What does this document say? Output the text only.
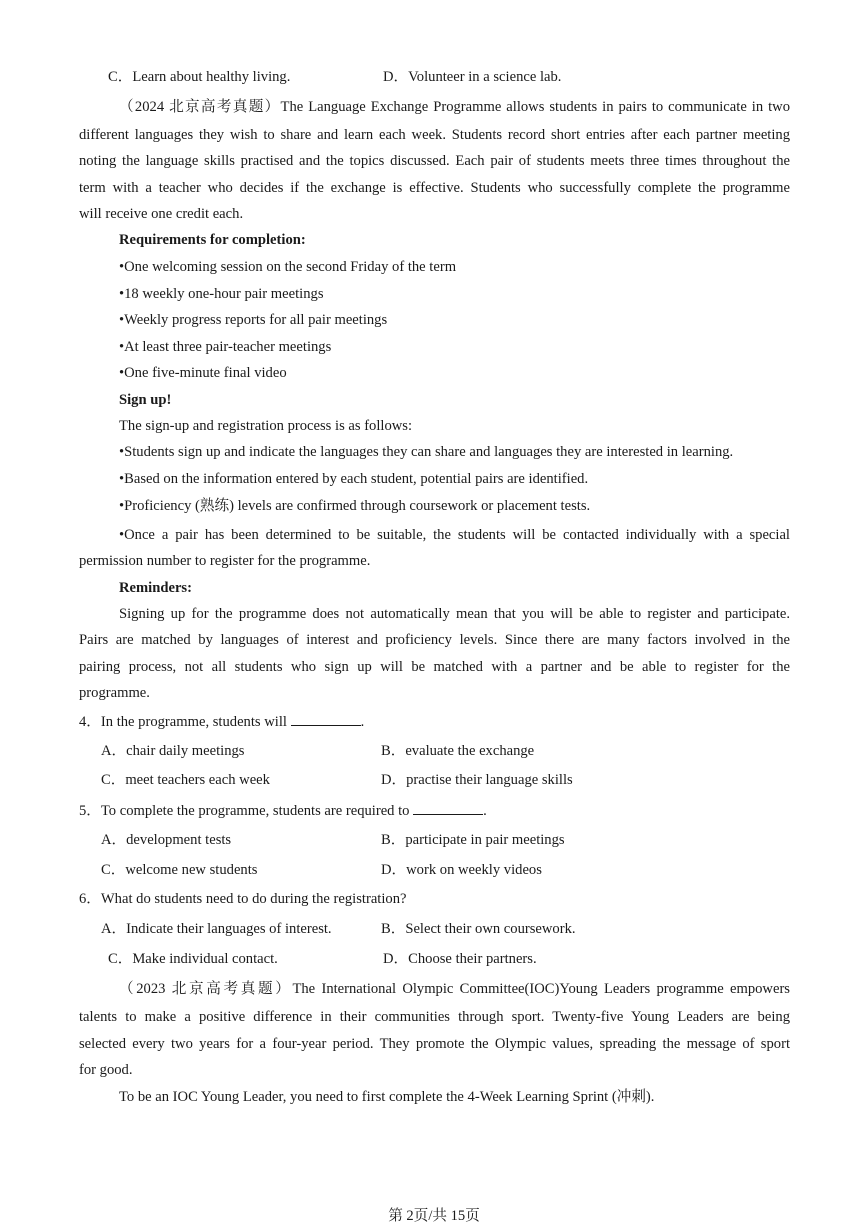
C．Learn about healthy living.	D．Volunteer in a science lab.
（2024 北京高考真题）The Language Exchange Programme allows students in pairs to communicate in two
different languages they wish to share and learn each week. Students record short entries after each partner meeting
noting the language skills practised and the topics discussed. Each pair of students meets three times throughout the
term with a teacher who decides if the exchange is effective. Students who successfully complete the programme
will receive one credit each.
Requirements for completion:
•One welcoming session on the second Friday of the term
•18 weekly one-hour pair meetings
•Weekly progress reports for all pair meetings
•At least three pair-teacher meetings
•One five-minute final video
Sign up!
The sign-up and registration process is as follows:
•Students sign up and indicate the languages they can share and languages they are interested in learning.
•Based on the information entered by each student, potential pairs are identified.
•Proficiency (熟练) levels are confirmed through coursework or placement tests.
•Once a pair has been determined to be suitable, the students will be contacted individually with a special
permission number to register for the programme.
Reminders:
Signing up for the programme does not automatically mean that you will be able to register and participate.
Pairs are matched by languages of interest and proficiency levels. Since there are many factors involved in the
pairing process, not all students who sign up will be matched with a partner and be able to register for the
programme.
4．In the programme, students will	.
A．chair daily meetings	B．evaluate the exchange
C．meet teachers each week	D．practise their language skills
5．To complete the programme, students are required to	.
A．development tests	B．participate in pair meetings
C．welcome new students	D．work on weekly videos
6．What do students need to do during the registration?
A．Indicate their languages of interest.	B．Select their own coursework.
C．Make individual contact.	D．Choose their partners.
（2023 北京高考真题）The International Olympic Committee(IOC)Young Leaders programme empowers
talents to make a positive difference in their communities through sport. Twenty-five Young Leaders are being
selected every two years for a four-year period. They promote the Olympic values, spreading the message of sport
for good.
To be an IOC Young Leader, you need to first complete the 4-Week Learning Sprint (冲刺).
第 2页/共 15页
